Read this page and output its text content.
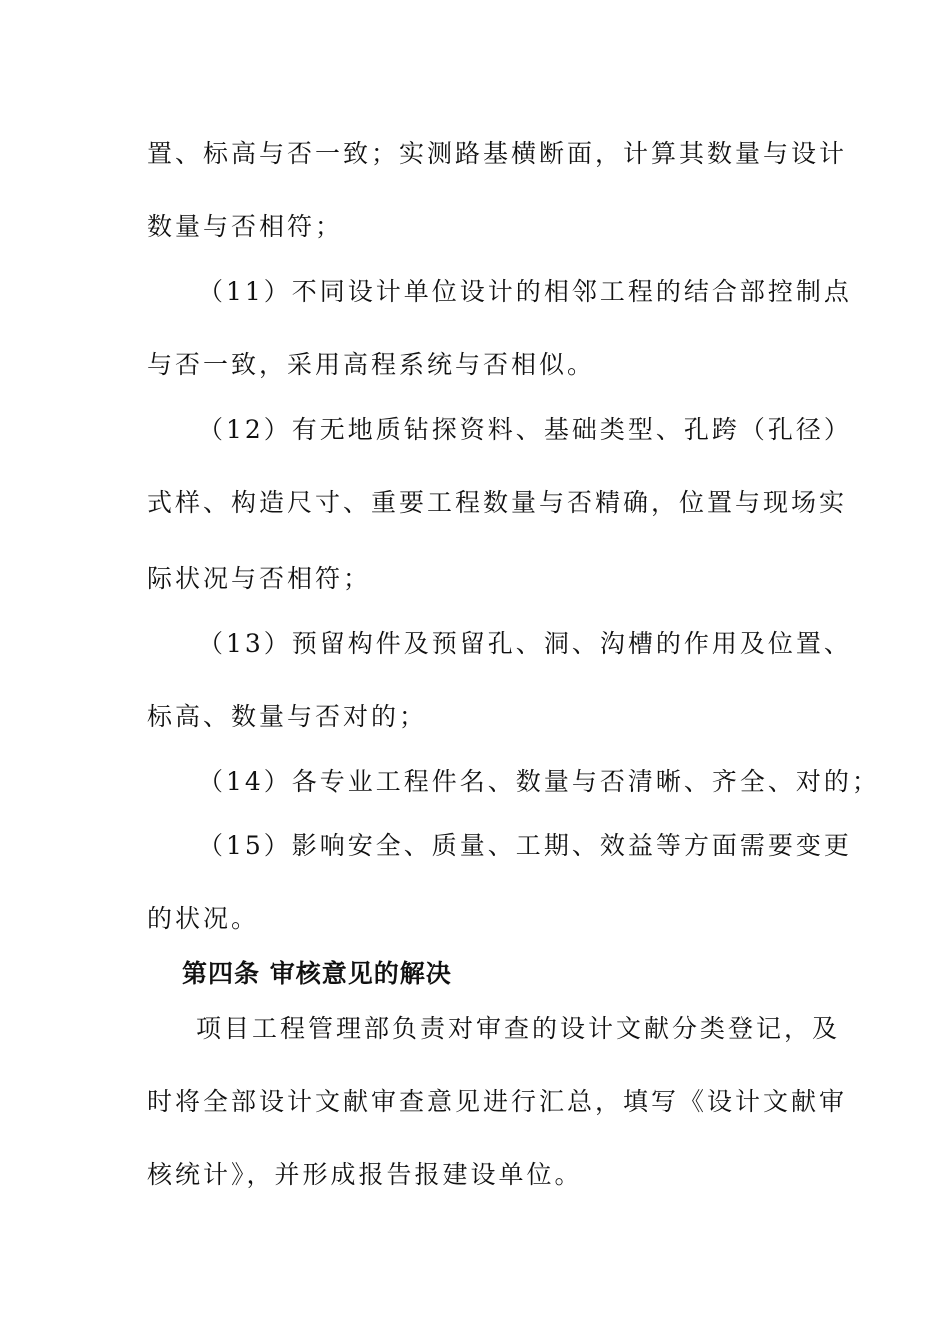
置、标高与否一致；实测路基横断面，计算其数量与设计
数量与否相符；
（11）不同设计单位设计的相邻工程的结合部控制点
与否一致，采用高程系统与否相似。
（12）有无地质钻探资料、基础类型、孔跨（孔径）
式样、构造尺寸、重要工程数量与否精确，位置与现场实
际状况与否相符；
（13）预留构件及预留孔、洞、沟槽的作用及位置、
标高、数量与否对的；
（14）各专业工程件名、数量与否清晰、齐全、对的；
（15）影响安全、质量、工期、效益等方面需要变更
的状况。
第四条 审核意见的解决
项目工程管理部负责对审查的设计文献分类登记，及
时将全部设计文献审查意见进行汇总，填写《设计文献审
核统计》，并形成报告报建设单位。
